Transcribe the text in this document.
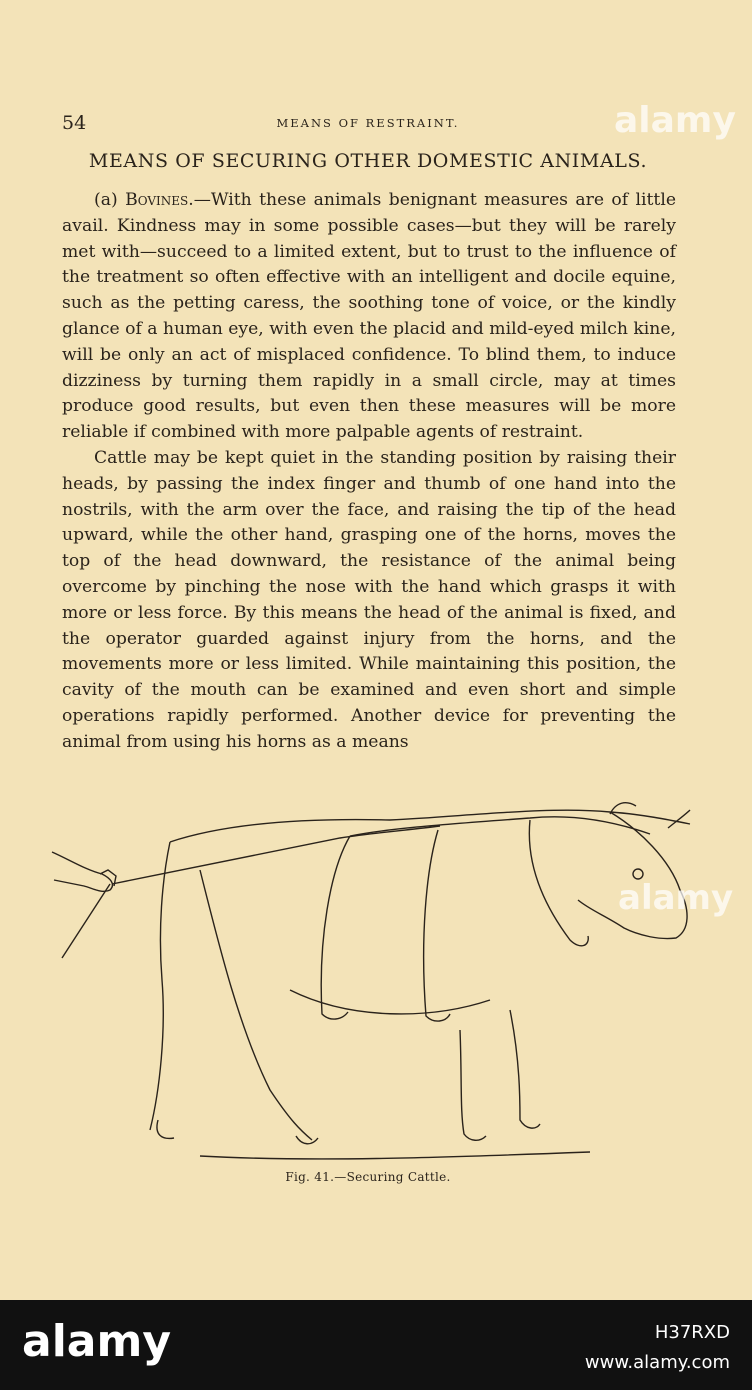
54	MEANS OF RESTRAINT.
MEANS OF SECURING OTHER DOMESTIC ANIMALS.

(a) Bovines.—With these animals benignant measures are of little avail. Kindness may in some possible cases—but they will be rarely met with—succeed to a limited extent, but to trust to the influence of the treatment so often effective with an intelligent and docile equine, such as the petting caress, the soothing tone of voice, or the kindly glance of a human eye, with even the placid and mild-eyed milch kine, will be only an act of misplaced confidence. To blind them, to induce dizziness by turning them rapidly in a small circle, may at times produce good results, but even then these measures will be more reliable if combined with more palpable agents of restraint.

Cattle may be kept quiet in the standing position by raising their heads, by passing the index finger and thumb of one hand into the nostrils, with the arm over the face, and raising the tip of the head upward, while the other hand, grasping one of the horns, moves the top of the head downward, the resistance of the animal being overcome by pinching the nose with the hand which grasps it with more or less force. By this means the head of the animal is fixed, and the operator guarded against injury from the horns, and the movements more or less limited. While maintaining this position, the cavity of the mouth can be examined and even short and simple operations rapidly performed. Another device for preventing the animal from using his horns as a means

Fig. 41.—Securing Cattle.
alamy
alamy
alamy	H37RXD
www.alamy.com
